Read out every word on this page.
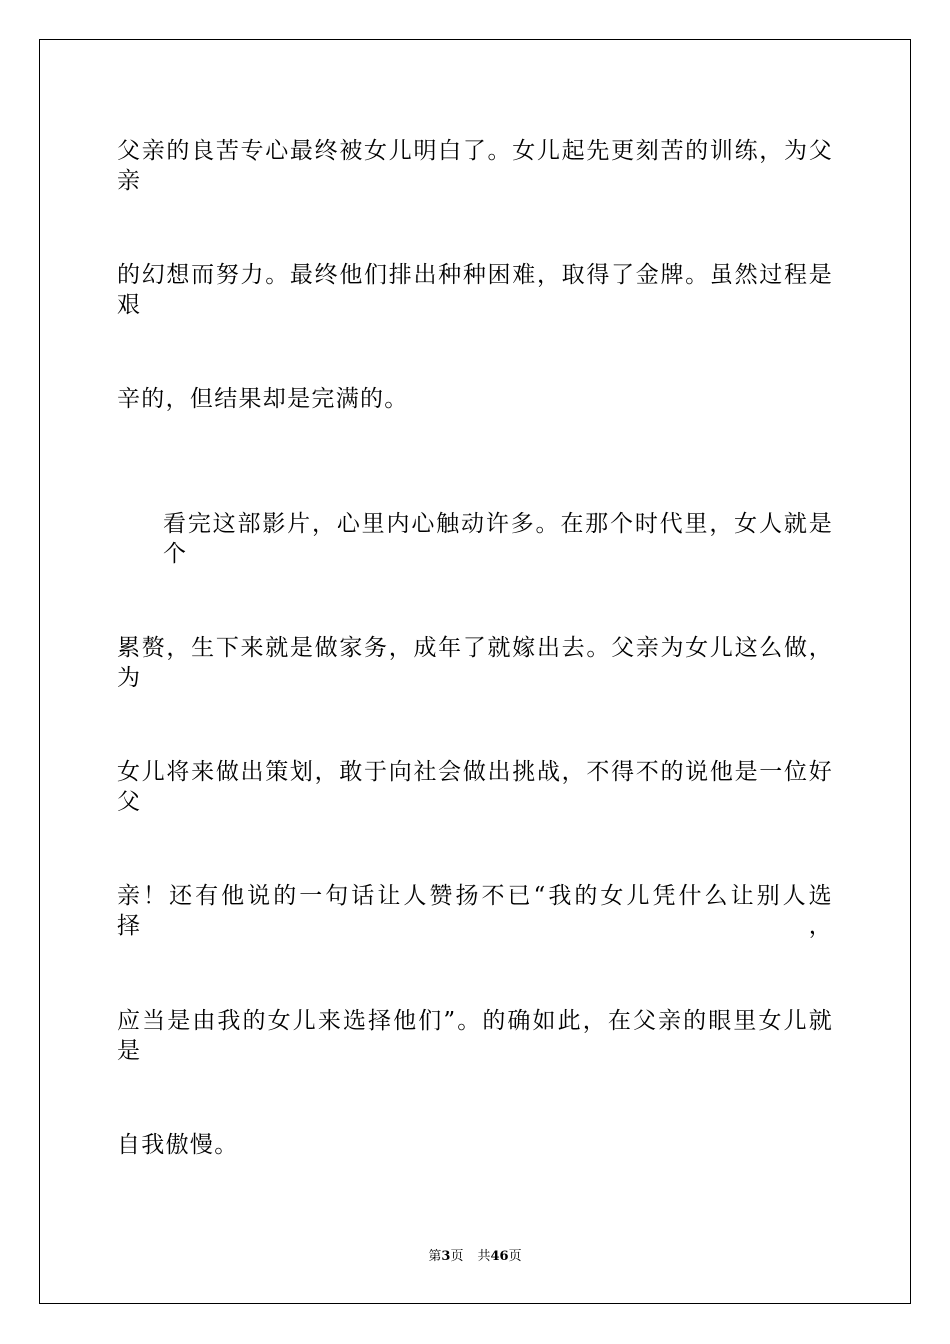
父亲的良苦专心最终被女儿明白了。女儿起先更刻苦的训练，为父亲
的幻想而努力。最终他们排出种种困难，取得了金牌。虽然过程是艰
辛的，但结果却是完满的。
看完这部影片，心里内心触动许多。在那个时代里，女人就是个
累赘，生下来就是做家务，成年了就嫁出去。父亲为女儿这么做，为
女儿将来做出策划，敢于向社会做出挑战，不得不的说他是一位好父
亲！还有他说的一句话让人赞扬不已“我的女儿凭什么让别人选择，
应当是由我的女儿来选择他们”。的确如此，在父亲的眼里女儿就是
自我傲慢。
第3页 共46页
